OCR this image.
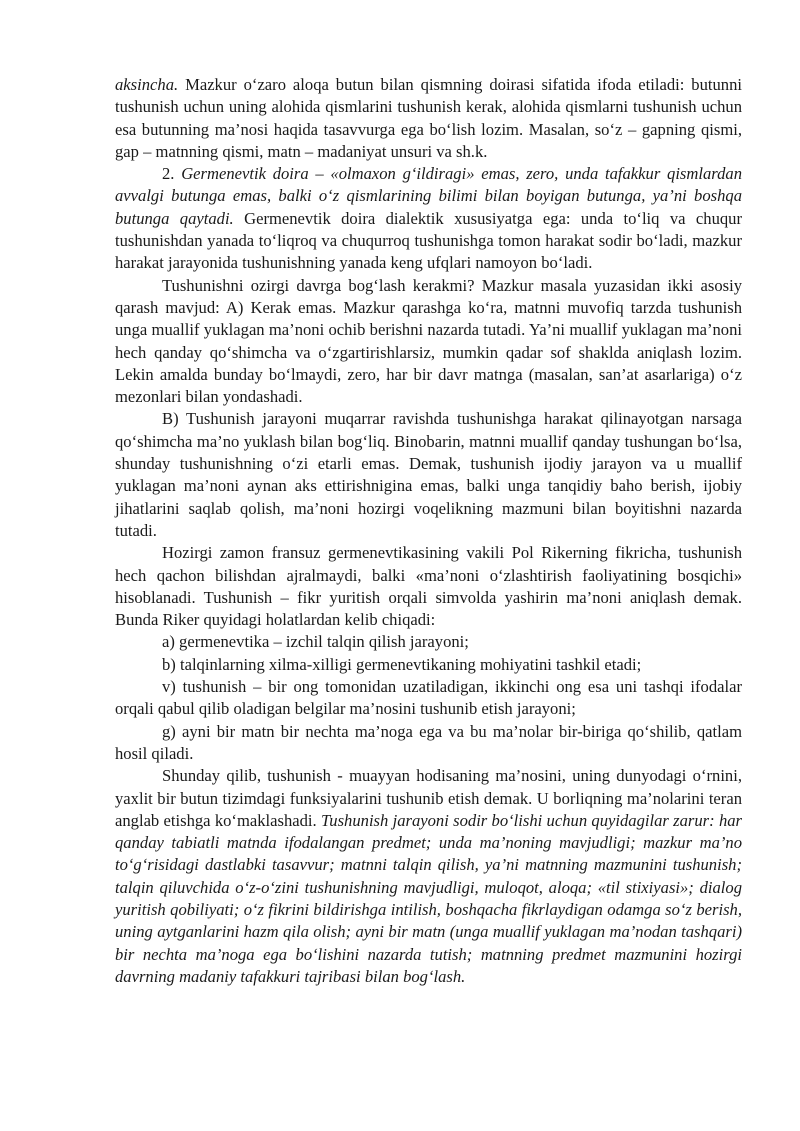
aksincha. Mazkur o‘zaro aloqa butun bilan qismning doirasi sifatida ifoda etiladi: butunni tushunish uchun uning alohida qismlarini tushunish kerak, alohida qismlarni tushunish uchun esa butunning ma’nosi haqida tasavvurga ega bo‘lish lozim. Masalan, so‘z – gapning qismi, gap – matnning qismi, matn – madaniyat unsuri va sh.k.

2. Germenevtik doira – «olmaxon g‘ildiragi» emas, zero, unda tafakkur qismlardan avvalgi butunga emas, balki o‘z qismlarining bilimi bilan boyigan butunga, ya’ni boshqa butunga qaytadi. Germenevtik doira dialektik xususiyatga ega: unda to‘liq va chuqur tushunishdan yanada to‘liqroq va chuqurroq tushunishga tomon harakat sodir bo‘ladi, mazkur harakat jarayonida tushunishning yanada keng ufqlari namoyon bo‘ladi.

Tushunishni ozirgi davrga bog‘lash kerakmi? Mazkur masala yuzasidan ikki asosiy qarash mavjud: A) Kerak emas. Mazkur qarashga ko‘ra, matnni muvofiq tarzda tushunish unga muallif yuklagan ma’noni ochib berishni nazarda tutadi. Ya’ni muallif yuklagan ma’noni hech qanday qo‘shimcha va o‘zgartirishlarsiz, mumkin qadar sof shaklda aniqlash lozim. Lekin amalda bunday bo‘lmaydi, zero, har bir davr matnga (masalan, san’at asarlariga) o‘z mezonlari bilan yondashadi.

B) Tushunish jarayoni muqarrar ravishda tushunishga harakat qilinayotgan narsaga qo‘shimcha ma’no yuklash bilan bog‘liq. Binobarin, matnni muallif qanday tushungan bo‘lsa, shunday tushunishning o‘zi etarli emas. Demak, tushunish ijodiy jarayon va u muallif yuklagan ma’noni aynan aks ettirishnigina emas, balki unga tanqidiy baho berish, ijobiy jihatlarini saqlab qolish, ma’noni hozirgi voqelikning mazmuni bilan boyitishni nazarda tutadi.

Hozirgi zamon fransuz germenevtikasining vakili Pol Rikerning fikricha, tushunish hech qachon bilishdan ajralmaydi, balki «ma’noni o‘zlashtirish faoliyatining bosqichi» hisoblanadi. Tushunish – fikr yuritish orqali simvolda yashirin ma’noni aniqlash demak. Bunda Riker quyidagi holatlardan kelib chiqadi:

a) germenevtika – izchil talqin qilish jarayoni;

b) talqinlarning xilma-xilligi germenevtikaning mohiyatini tashkil etadi;

v) tushunish – bir ong tomonidan uzatiladigan, ikkinchi ong esa uni tashqi ifodalar orqali qabul qilib oladigan belgilar ma’nosini tushunib etish jarayoni;

g) ayni bir matn bir nechta ma’noga ega va bu ma’nolar bir-biriga qo‘shilib, qatlam hosil qiladi.

Shunday qilib, tushunish - muayyan hodisaning ma’nosini, uning dunyodagi o‘rnini, yaxlit bir butun tizimdagi funksiyalarini tushunib etish demak. U borliqning ma’nolarini teran anglab etishga ko‘maklashadi. Tushunish jarayoni sodir bo‘lishi uchun quyidagilar zarur: har qanday tabiatli matnda ifodalangan predmet; unda ma’noning mavjudligi; mazkur ma’no to‘g‘risidagi dastlabki tasavvur; matnni talqin qilish, ya’ni matnning mazmunini tushunish; talqin qiluvchida o‘z-o‘zini tushunishning mavjudligi, muloqot, aloqa; «til stixiyasi»; dialog yuritish qobiliyati; o‘z fikrini bildirishga intilish, boshqacha fikrlaydigan odamga so‘z berish, uning aytganlarini hazm qila olish; ayni bir matn (unga muallif yuklagan ma’nodan tashqari) bir nechta ma’noga ega bo‘lishini nazarda tutish; matnning predmet mazmunini hozirgi davrning madaniy tafakkuri tajribasi bilan bog‘lash.
